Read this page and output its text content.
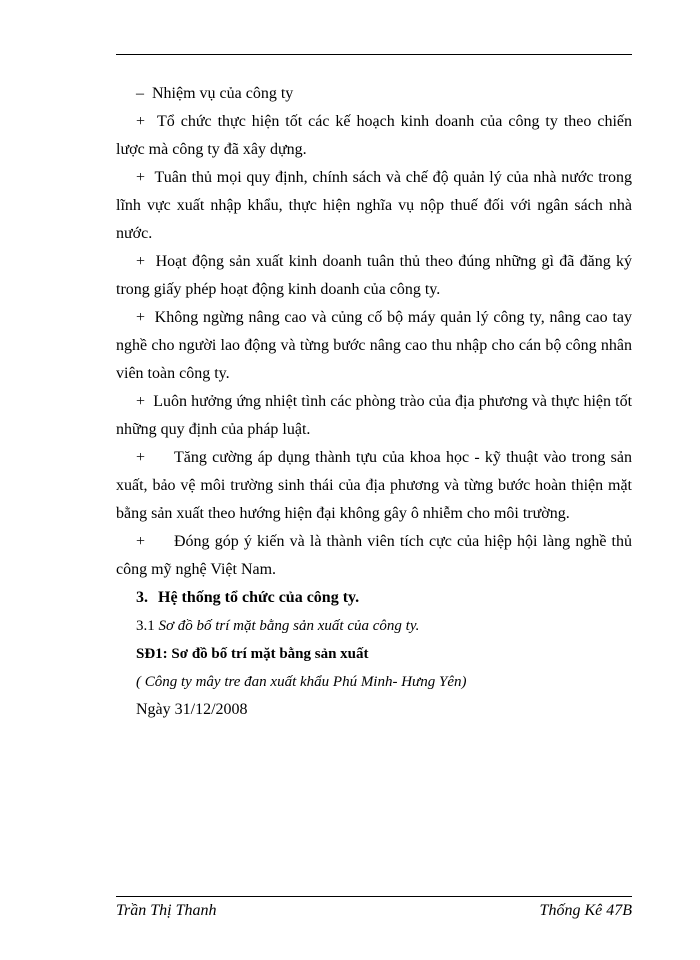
– Nhiệm vụ của công ty

+ Tổ chức thực hiện tốt các kế hoạch kinh doanh của công ty theo chiến lược mà công ty đã xây dựng.

+ Tuân thủ mọi quy định, chính sách và chế độ quản lý của nhà nước trong lĩnh vực xuất nhập khẩu, thực hiện nghĩa vụ nộp thuế đối với ngân sách nhà nước.

+ Hoạt động sản xuất kinh doanh tuân thủ theo đúng những gì đã đăng ký trong giấy phép hoạt động kinh doanh của công ty.

+ Không ngừng nâng cao và củng cố bộ máy quản lý công ty, nâng cao tay nghề cho người lao động và từng bước nâng cao thu nhập cho cán bộ công nhân viên toàn công ty.

+ Luôn hưởng ứng nhiệt tình các phòng trào của địa phương và thực hiện tốt những quy định của pháp luật.

+ Tăng cường áp dụng thành tựu của khoa học - kỹ thuật vào trong sản xuất, bảo vệ môi trường sinh thái của địa phương và từng bước hoàn thiện mặt bằng sản xuất theo hướng hiện đại không gây ô nhiễm cho môi trường.

+ Đóng góp ý kiến và là thành viên tích cực của hiệp hội làng nghề thủ công mỹ nghệ Việt Nam.

3. Hệ thống tổ chức của công ty.

3.1 Sơ đồ bố trí mặt bằng sản xuất của công ty.

SĐ1: Sơ đồ bố trí mặt bằng sản xuất

( Công ty mây tre đan xuất khẩu Phú Minh- Hưng Yên)

Ngày 31/12/2008

Trần Thị Thanh	Thống Kê 47B
